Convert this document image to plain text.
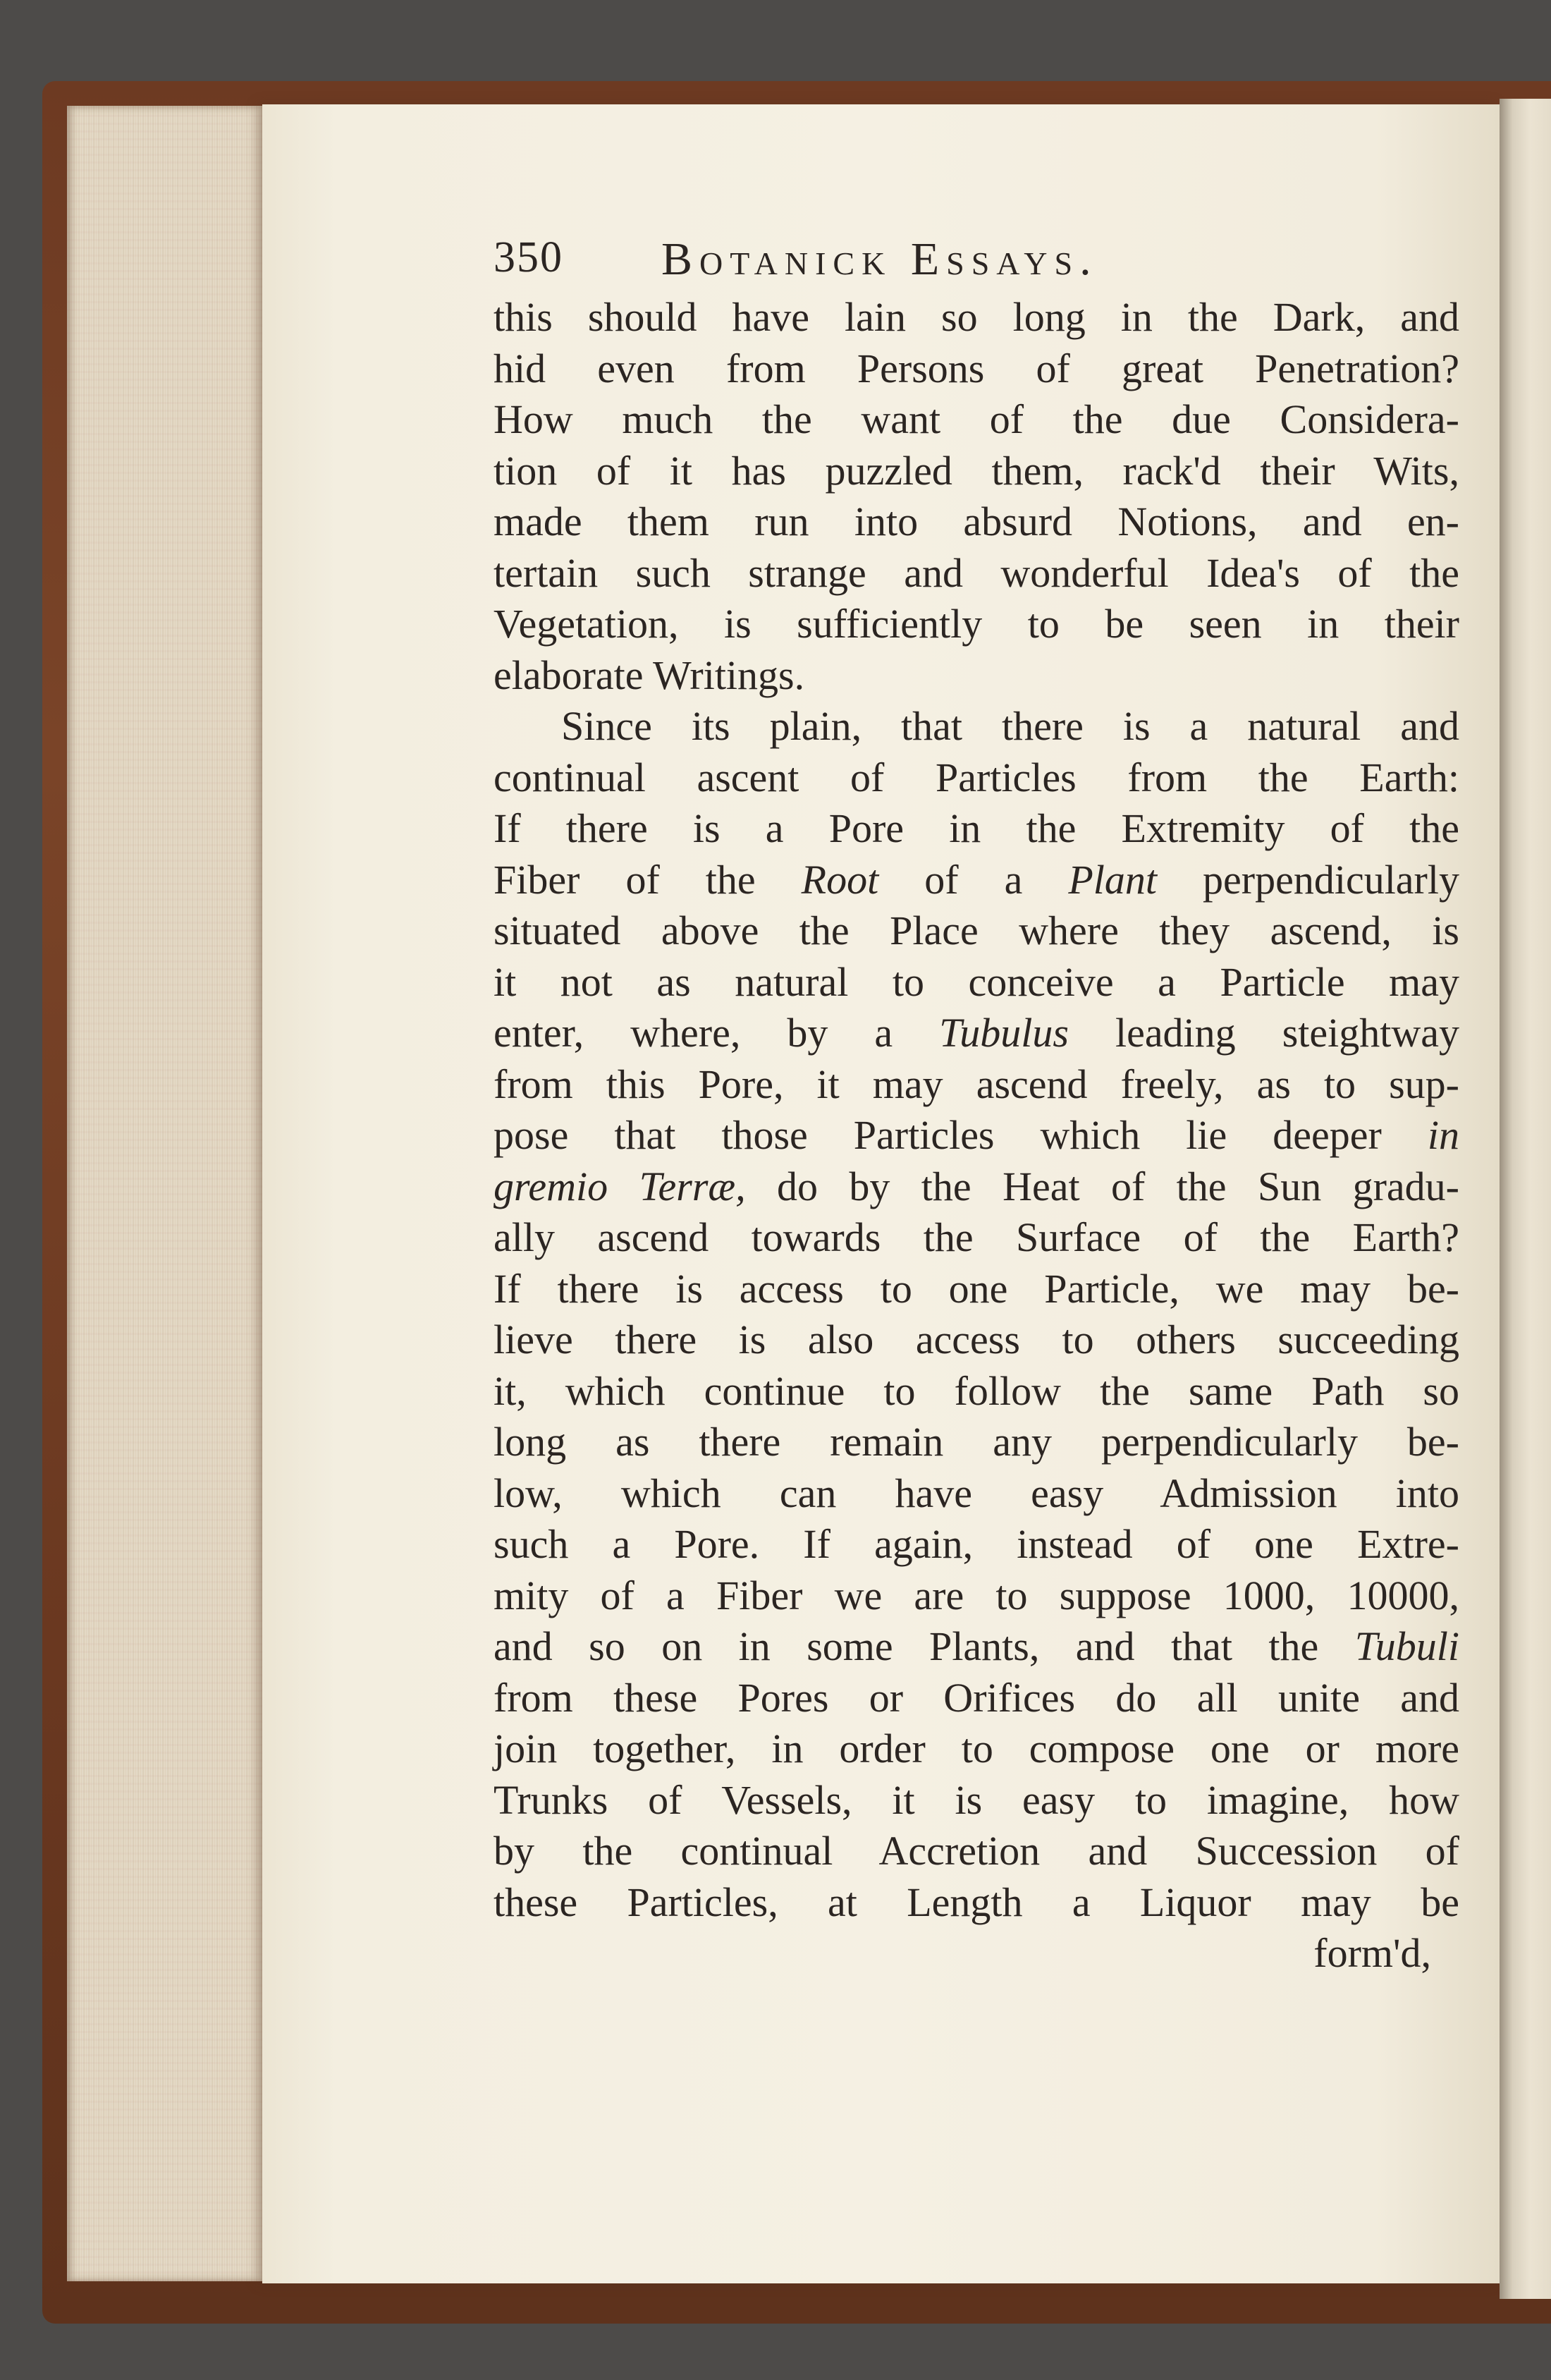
350 Botanick Essays.
this should have lain so long in the Dark, and
hid even from Persons of great Penetration?
How much the want of the due Considera-
tion of it has puzzled them, rack'd their Wits,
made them run into absurd Notions, and en-
tertain such strange and wonderful Idea's of the
Vegetation, is sufficiently to be seen in their
elaborate Writings.
Since its plain, that there is a natural and
continual ascent of Particles from the Earth:
If there is a Pore in the Extremity of the
Fiber of the Root of a Plant perpendicularly
situated above the Place where they ascend, is
it not as natural to conceive a Particle may
enter, where, by a Tubulus leading steightway
from this Pore, it may ascend freely, as to sup-
pose that those Particles which lie deeper in
gremio Terræ, do by the Heat of the Sun gradu-
ally ascend towards the Surface of the Earth?
If there is access to one Particle, we may be-
lieve there is also access to others succeeding
it, which continue to follow the same Path so
long as there remain any perpendicularly be-
low, which can have easy Admission into
such a Pore. If again, instead of one Extre-
mity of a Fiber we are to suppose 1000, 10000,
and so on in some Plants, and that the Tubuli
from these Pores or Orifices do all unite and
join together, in order to compose one or more
Trunks of Vessels, it is easy to imagine, how
by the continual Accretion and Succession of
these Particles, at Length a Liquor may be
form'd,
